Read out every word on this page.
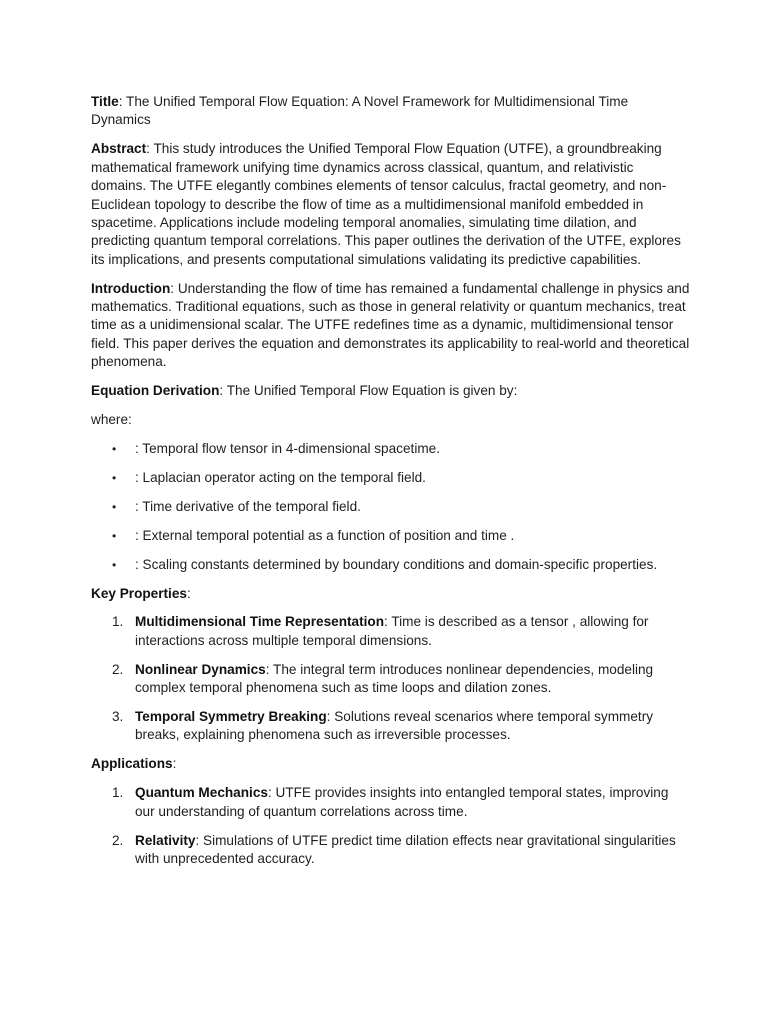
Title: The Unified Temporal Flow Equation: A Novel Framework for Multidimensional Time Dynamics

Abstract: This study introduces the Unified Temporal Flow Equation (UTFE), a groundbreaking mathematical framework unifying time dynamics across classical, quantum, and relativistic domains. The UTFE elegantly combines elements of tensor calculus, fractal geometry, and non-Euclidean topology to describe the flow of time as a multidimensional manifold embedded in spacetime. Applications include modeling temporal anomalies, simulating time dilation, and predicting quantum temporal correlations. This paper outlines the derivation of the UTFE, explores its implications, and presents computational simulations validating its predictive capabilities.

Introduction: Understanding the flow of time has remained a fundamental challenge in physics and mathematics. Traditional equations, such as those in general relativity or quantum mechanics, treat time as a unidimensional scalar. The UTFE redefines time as a dynamic, multidimensional tensor field. This paper derives the equation and demonstrates its applicability to real-world and theoretical phenomena.

Equation Derivation: The Unified Temporal Flow Equation is given by:

where:

• : Temporal flow tensor in 4-dimensional spacetime.
• : Laplacian operator acting on the temporal field.
• : Time derivative of the temporal field.
• : External temporal potential as a function of position and time .
• : Scaling constants determined by boundary conditions and domain-specific properties.

Key Properties:

1. Multidimensional Time Representation: Time is described as a tensor , allowing for interactions across multiple temporal dimensions.
2. Nonlinear Dynamics: The integral term introduces nonlinear dependencies, modeling complex temporal phenomena such as time loops and dilation zones.
3. Temporal Symmetry Breaking: Solutions reveal scenarios where temporal symmetry breaks, explaining phenomena such as irreversible processes.

Applications:

1. Quantum Mechanics: UTFE provides insights into entangled temporal states, improving our understanding of quantum correlations across time.
2. Relativity: Simulations of UTFE predict time dilation effects near gravitational singularities with unprecedented accuracy.
